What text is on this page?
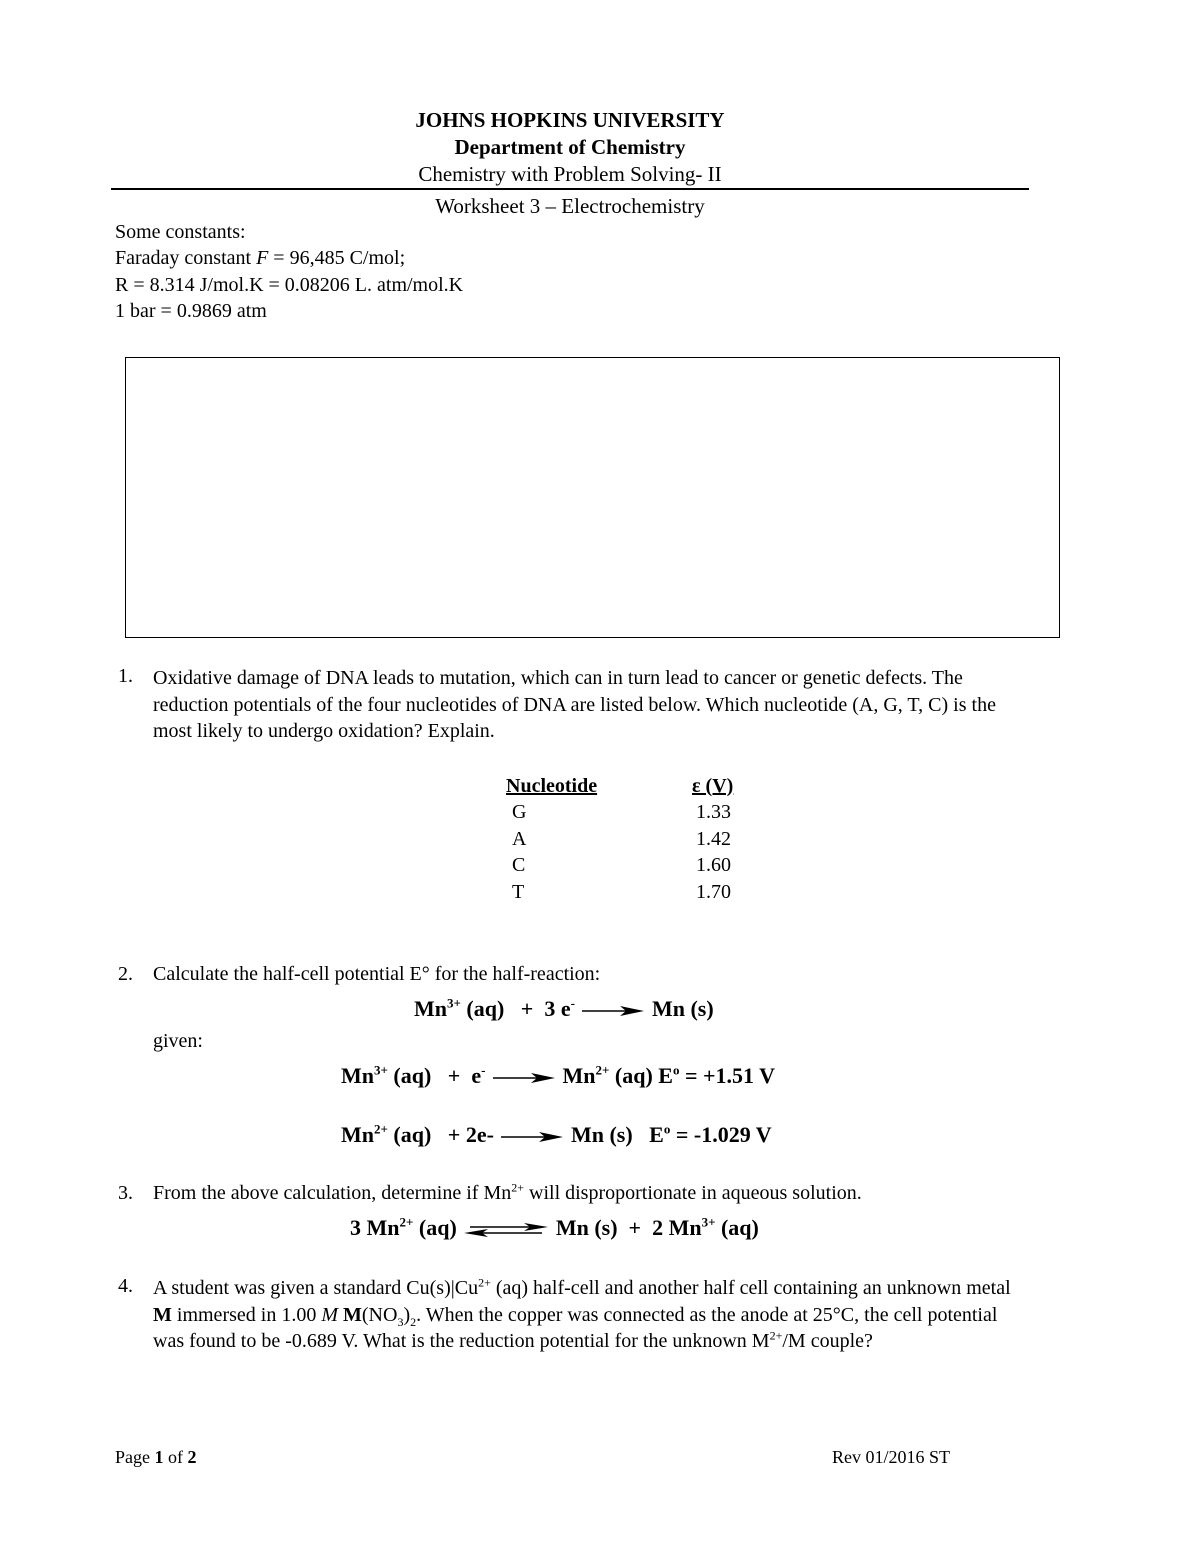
JOHNS HOPKINS UNIVERSITY
Department of Chemistry
Chemistry with Problem Solving- II
Worksheet 3 – Electrochemistry
Some constants:
Faraday constant F = 96,485 C/mol;
R = 8.314 J/mol.K = 0.08206 L. atm/mol.K
1 bar = 0.9869 atm
1. Oxidative damage of DNA leads to mutation, which can in turn lead to cancer or genetic defects. The reduction potentials of the four nucleotides of DNA are listed below. Which nucleotide (A, G, T, C) is the most likely to undergo oxidation? Explain.
Nucleotide	ε (V)
G	1.33
A	1.42
C	1.60
T	1.70
2. Calculate the half-cell potential E° for the half-reaction:
$Mn^{3+}$ (aq)   +  3 e-	Mn (s)
given:
$Mn^{3+}$ (aq)   +  e-	$Mn^{2+}$ (aq) $E^o = +1.51$ V
$Mn^{2+}$ (aq)   + 2e-	Mn (s)   $E^o = -1.029$ V
3. From the above calculation, determine if $Mn^{2+}$ will disproportionate in aqueous solution.
3 $Mn^{2+}$ (aq) ⇌ Mn (s)  +  2 $Mn^{3+}$ (aq)
4. A student was given a standard $Cu(s)|Cu^{2+}$ (aq) half-cell and another half cell containing an unknown metal M immersed in 1.00 M $M(NO_3)_2$. When the copper was connected as the anode at 25°C, the cell potential was found to be -0.689 V. What is the reduction potential for the unknown $M^{2+}/M$ couple?
Page 1 of 2	Rev 01/2016 ST
